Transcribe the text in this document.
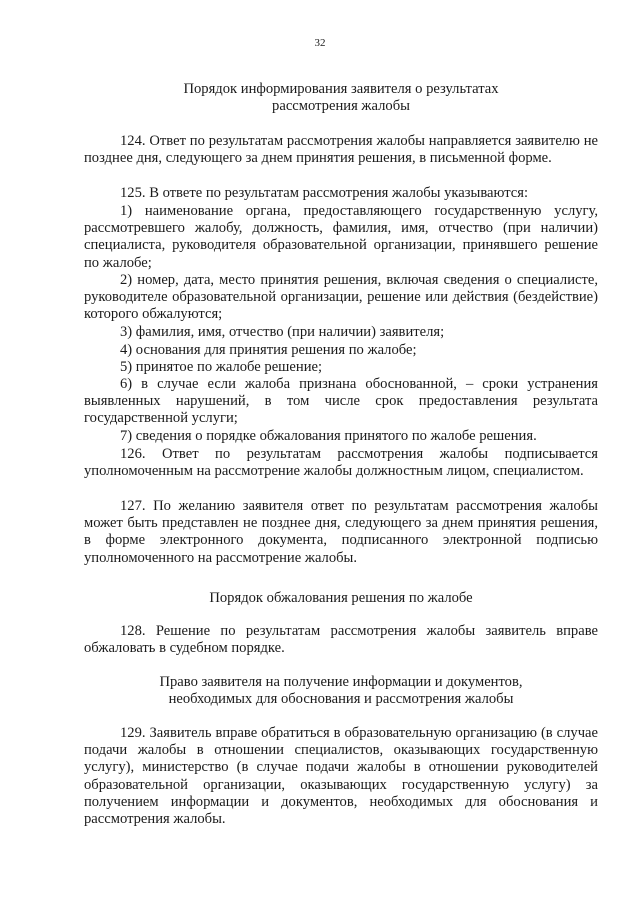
32
Порядок информирования заявителя о результатах
рассмотрения жалобы
124. Ответ по результатам рассмотрения жалобы направляется заявителю не позднее дня, следующего за днем принятия решения, в письменной форме.
125. В ответе по результатам рассмотрения жалобы указываются:
1) наименование органа, предоставляющего государственную услугу, рассмотревшего жалобу, должность, фамилия, имя, отчество (при наличии) специалиста, руководителя образовательной организации, принявшего решение по жалобе;
2) номер, дата, место принятия решения, включая сведения о специалисте, руководителе образовательной организации, решение или действия (бездействие) которого обжалуются;
3) фамилия, имя, отчество (при наличии) заявителя;
4) основания для принятия решения по жалобе;
5) принятое по жалобе решение;
6) в случае если жалоба признана обоснованной, – сроки устранения выявленных нарушений, в том числе срок предоставления результата государственной услуги;
7) сведения о порядке обжалования принятого по жалобе решения.
126. Ответ по результатам рассмотрения жалобы подписывается уполномоченным на рассмотрение жалобы должностным лицом, специалистом.
127. По желанию заявителя ответ по результатам рассмотрения жалобы может быть представлен не позднее дня, следующего за днем принятия решения, в форме электронного документа, подписанного электронной подписью уполномоченного на рассмотрение жалобы.
Порядок обжалования решения по жалобе
128. Решение по результатам рассмотрения жалобы заявитель вправе обжаловать в судебном порядке.
Право заявителя на получение информации и документов,
необходимых для обоснования и рассмотрения жалобы
129. Заявитель вправе обратиться в образовательную организацию (в случае подачи жалобы в отношении специалистов, оказывающих государственную услугу), министерство (в случае подачи жалобы в отношении руководителей образовательной организации, оказывающих государственную услугу) за получением информации и документов, необходимых для обоснования и рассмотрения жалобы.
